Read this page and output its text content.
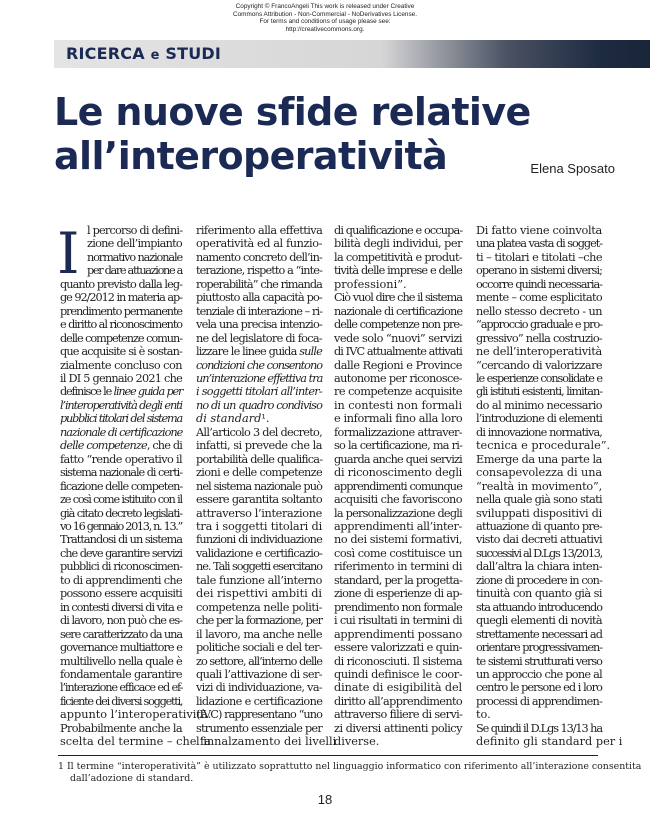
Copyright © FrancoAngeli This work is released under Creative
Commons Attribution - Non-Commercial - NoDerivatives License.
For terms and conditions of usage please see:
http://creativecommons.org.
RICERCA e STUDI
Le nuove sfide relative
all’interoperatività	Elena Sposato
I l percorso di defini-
zione dell’impianto
normativo nazionale
per dare attuazione a
quanto previsto dalla leg-
ge 92/2012 in materia ap-
prendimento permanente
e diritto al riconoscimento
delle competenze comun-
que acquisite si è sostan-
zialmente concluso con
il DI 5 gennaio 2021 che
definisce le linee guida per
l’interoperatività degli enti
pubblici titolari del sistema
nazionale di certificazione
delle competenze, che di
fatto “rende operativo il
sistema nazionale di certi-
ficazione delle competen-
ze così come istituito con il
già citato decreto legislati-
vo 16 gennaio 2013, n. 13.”
Trattandosi di un sistema
che deve garantire servizi
pubblici di riconoscimen-
to di apprendimenti che
possono essere acquisiti
in contesti diversi di vita e
di lavoro, non può che es-
sere caratterizzato da una
governance multiattore e
multilivello nella quale è
fondamentale garantire
l’interazione efficace ed ef-
ficiente dei diversi soggetti,
appunto l’interoperatività.
Probabilmente anche la
scelta del termine – che fa
riferimento alla effettiva
operatività ed al funzio-
namento concreto dell’in-
terazione, rispetto a “inte-
roperabilità” che rimanda
piuttosto alla capacità po-
tenziale di interazione – ri-
vela una precisa intenzio-
ne del legislatore di foca-
lizzare le linee guida sulle
condizioni che consentono
un’interazione effettiva tra
i soggetti titolari all’inter-
no di un quadro condiviso
di standard¹.
All’articolo 3 del decreto,
infatti, si prevede che la
portabilità delle qualifica-
zioni e delle competenze
nel sistema nazionale può
essere garantita soltanto
attraverso l’interazione
tra i soggetti titolari di
funzioni di individuazione
validazione e certificazio-
ne. Tali soggetti esercitano
tale funzione all’interno
dei rispettivi ambiti di
competenza nelle politi-
che per la formazione, per
il lavoro, ma anche nelle
politiche sociali e del ter-
zo settore, all’interno delle
quali l’attivazione di ser-
vizi di individuazione, va-
lidazione e certificazione
(IVC) rappresentano “uno
strumento essenziale per
l’innalzamento dei livelli
di qualificazione e occupa-
bilità degli individui, per
la competitività e produt-
tività delle imprese e delle
professioni”.
Ciò vuol dire che il sistema
nazionale di certificazione
delle competenze non pre-
vede solo “nuovi” servizi
di IVC attualmente attivati
dalle Regioni e Province
autonome per riconosce-
re competenze acquisite
in contesti non formali
e informali fino alla loro
formalizzazione attraver-
so la certificazione, ma ri-
guarda anche quei servizi
di riconoscimento degli
apprendimenti comunque
acquisiti che favoriscono
la personalizzazione degli
apprendimenti all’inter-
no dei sistemi formativi,
così come costituisce un
riferimento in termini di
standard, per la progetta-
zione di esperienze di ap-
prendimento non formale
i cui risultati in termini di
apprendimenti possano
essere valorizzati e quin-
di riconosciuti. Il sistema
quindi definisce le coor-
dinate di esigibilità del
diritto all’apprendimento
attraverso filiere di servi-
zi diversi attinenti policy
diverse.
Di fatto viene coinvolta
una platea vasta di sogget-
ti – titolari e titolati –che
operano in sistemi diversi;
occorre quindi necessaria-
mente – come esplicitato
nello stesso decreto - un
“approccio graduale e pro-
gressivo” nella costruzio-
ne dell’interoperatività
“cercando di valorizzare
le esperienze consolidate e
gli istituti esistenti, limitan-
do al minimo necessario
l’introduzione di elementi
di innovazione normativa,
tecnica e procedurale”.
Emerge da una parte la
consapevolezza di una
“realtà in movimento”,
nella quale già sono stati
sviluppati dispositivi di
attuazione di quanto pre-
visto dai decreti attuativi
successivi al D.Lgs 13/2013,
dall’altra la chiara inten-
zione di procedere in con-
tinuità con quanto già si
sta attuando introducendo
quegli elementi di novità
strettamente necessari ad
orientare progressivamen-
te sistemi strutturati verso
un approccio che pone al
centro le persone ed i loro
processi di apprendimen-
to.
Se quindi il D.Lgs 13/13 ha
definito gli standard per i
1 Il termine “interoperatività” è utilizzato soprattutto nel linguaggio informatico con riferimento all’interazione consentita
dall’adozione di standard.
18
